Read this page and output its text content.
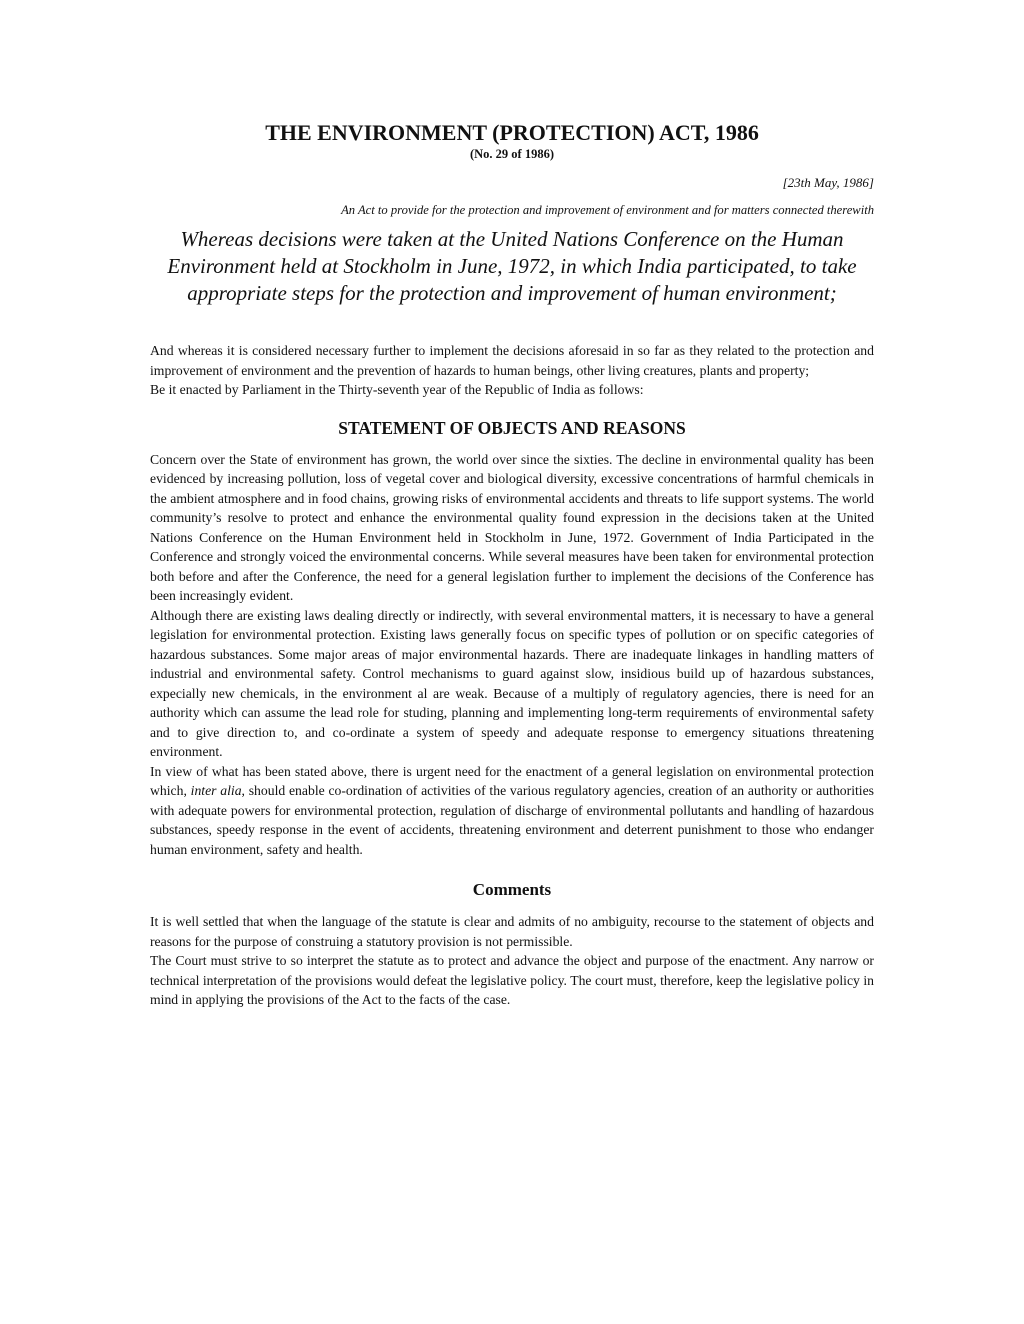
THE ENVIRONMENT (PROTECTION) ACT, 1986
(No. 29 of 1986)
[23th May, 1986]
An Act to provide for the protection and improvement of environment and for matters connected therewith
Whereas decisions were taken at the United Nations Conference on the Human Environment held at Stockholm in June, 1972, in which India participated, to take appropriate steps for the protection and improvement of human environment;

And whereas it is considered necessary further to implement the decisions aforesaid in so far as they related to the protection and improvement of environment and the prevention of hazards to human beings, other living creatures, plants and property;

Be it enacted by Parliament in the Thirty-seventh year of the Republic of India as follows:

STATEMENT OF OBJECTS AND REASONS

Concern over the State of environment has grown, the world over since the sixties. The decline in environmental quality has been evidenced by increasing pollution, loss of vegetal cover and biological diversity, excessive concentrations of harmful chemicals in the ambient atmosphere and in food chains, growing risks of environmental accidents and threats to life support systems. The world community’s resolve to protect and enhance the environmental quality found expression in the decisions taken at the United Nations Conference on the Human Environment held in Stockholm in June, 1972. Government of India Participated in the Conference and strongly voiced the environmental concerns. While several measures have been taken for environmental protection both before and after the Conference, the need for a general legislation further to implement the decisions of the Conference has been increasingly evident.

Although there are existing laws dealing directly or indirectly, with several environmental matters, it is necessary to have a general legislation for environmental protection. Existing laws generally focus on specific types of pollution or on specific categories of hazardous substances. Some major areas of major environmental hazards. There are inadequate linkages in handling matters of industrial and environmental safety. Control mechanisms to guard against slow, insidious build up of hazardous substances, expecially new chemicals, in the environment al are weak. Because of a multiply of regulatory agencies, there is need for an authority which can assume the lead role for studing, planning and implementing long-term requirements of environmental safety and to give direction to, and co-ordinate a system of speedy and adequate response to emergency situations threatening environment.

In view of what has been stated above, there is urgent need for the enactment of a general legislation on environmental protection which, inter alia, should enable co-ordination of activities of the various regulatory agencies, creation of an authority or authorities with adequate powers for environmental protection, regulation of discharge of environmental pollutants and handling of hazardous substances, speedy response in the event of accidents, threatening environment and deterrent punishment to those who endanger human environment, safety and health.

Comments

It is well settled that when the language of the statute is clear and admits of no ambiguity, recourse to the statement of objects and reasons for the purpose of construing a statutory provision is not permissible.

The Court must strive to so interpret the statute as to protect and advance the object and purpose of the enactment. Any narrow or technical interpretation of the provisions would defeat the legislative policy. The court must, therefore, keep the legislative policy in mind in applying the provisions of the Act to the facts of the case.
